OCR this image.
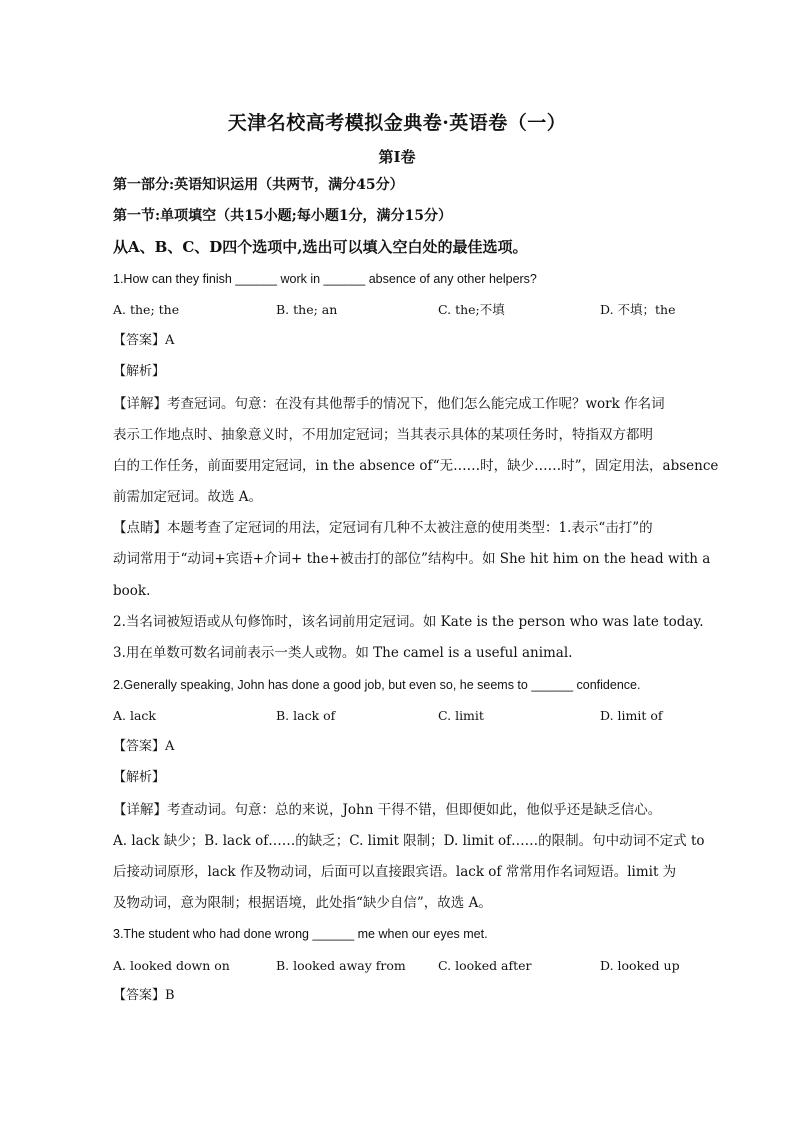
天津名校高考模拟金典卷·英语卷（一）
第Ⅰ卷
第一部分:英语知识运用（共两节，满分45分）
第一节:单项填空（共15小题;每小题1分，满分15分）
从A、B、C、D四个选项中,选出可以填入空白处的最佳选项。
1.How can they finish ______ work in ______ absence of any other helpers?
A. the; the	B. the; an	C. the;不填	D. 不填；the
【答案】A
【解析】
【详解】考查冠词。句意：在没有其他帮手的情况下，他们怎么能完成工作呢？work 作名词
表示工作地点时、抽象意义时，不用加定冠词；当其表示具体的某项任务时，特指双方都明
白的工作任务，前面要用定冠词，in the absence of“无……时，缺少……时”，固定用法，absence
前需加定冠词。故选 A。
【点睛】本题考查了定冠词的用法，定冠词有几种不太被注意的使用类型：1.表示“击打”的
动词常用于“动词+宾语+介词+ the+被击打的部位”结构中。如 She hit him on the head with a
book.
2.当名词被短语或从句修饰时，该名词前用定冠词。如 Kate is the person who was late today.
3.用在单数可数名词前表示一类人或物。如 The camel is a useful animal.
2.Generally speaking, John has done a good job, but even so, he seems to ______ confidence.
A. lack	B. lack of	C. limit	D. limit of
【答案】A
【解析】
【详解】考查动词。句意：总的来说，John 干得不错，但即便如此，他似乎还是缺乏信心。
A. lack 缺少；B. lack of……的缺乏；C. limit 限制；D. limit of……的限制。句中动词不定式 to
后接动词原形，lack 作及物动词，后面可以直接跟宾语。lack of 常常用作名词短语。limit 为
及物动词，意为限制；根据语境，此处指“缺少自信”，故选 A。
3.The student who had done wrong ______ me when our eyes met.
A. looked down on	B. looked away from	C. looked after	D. looked up
【答案】B
